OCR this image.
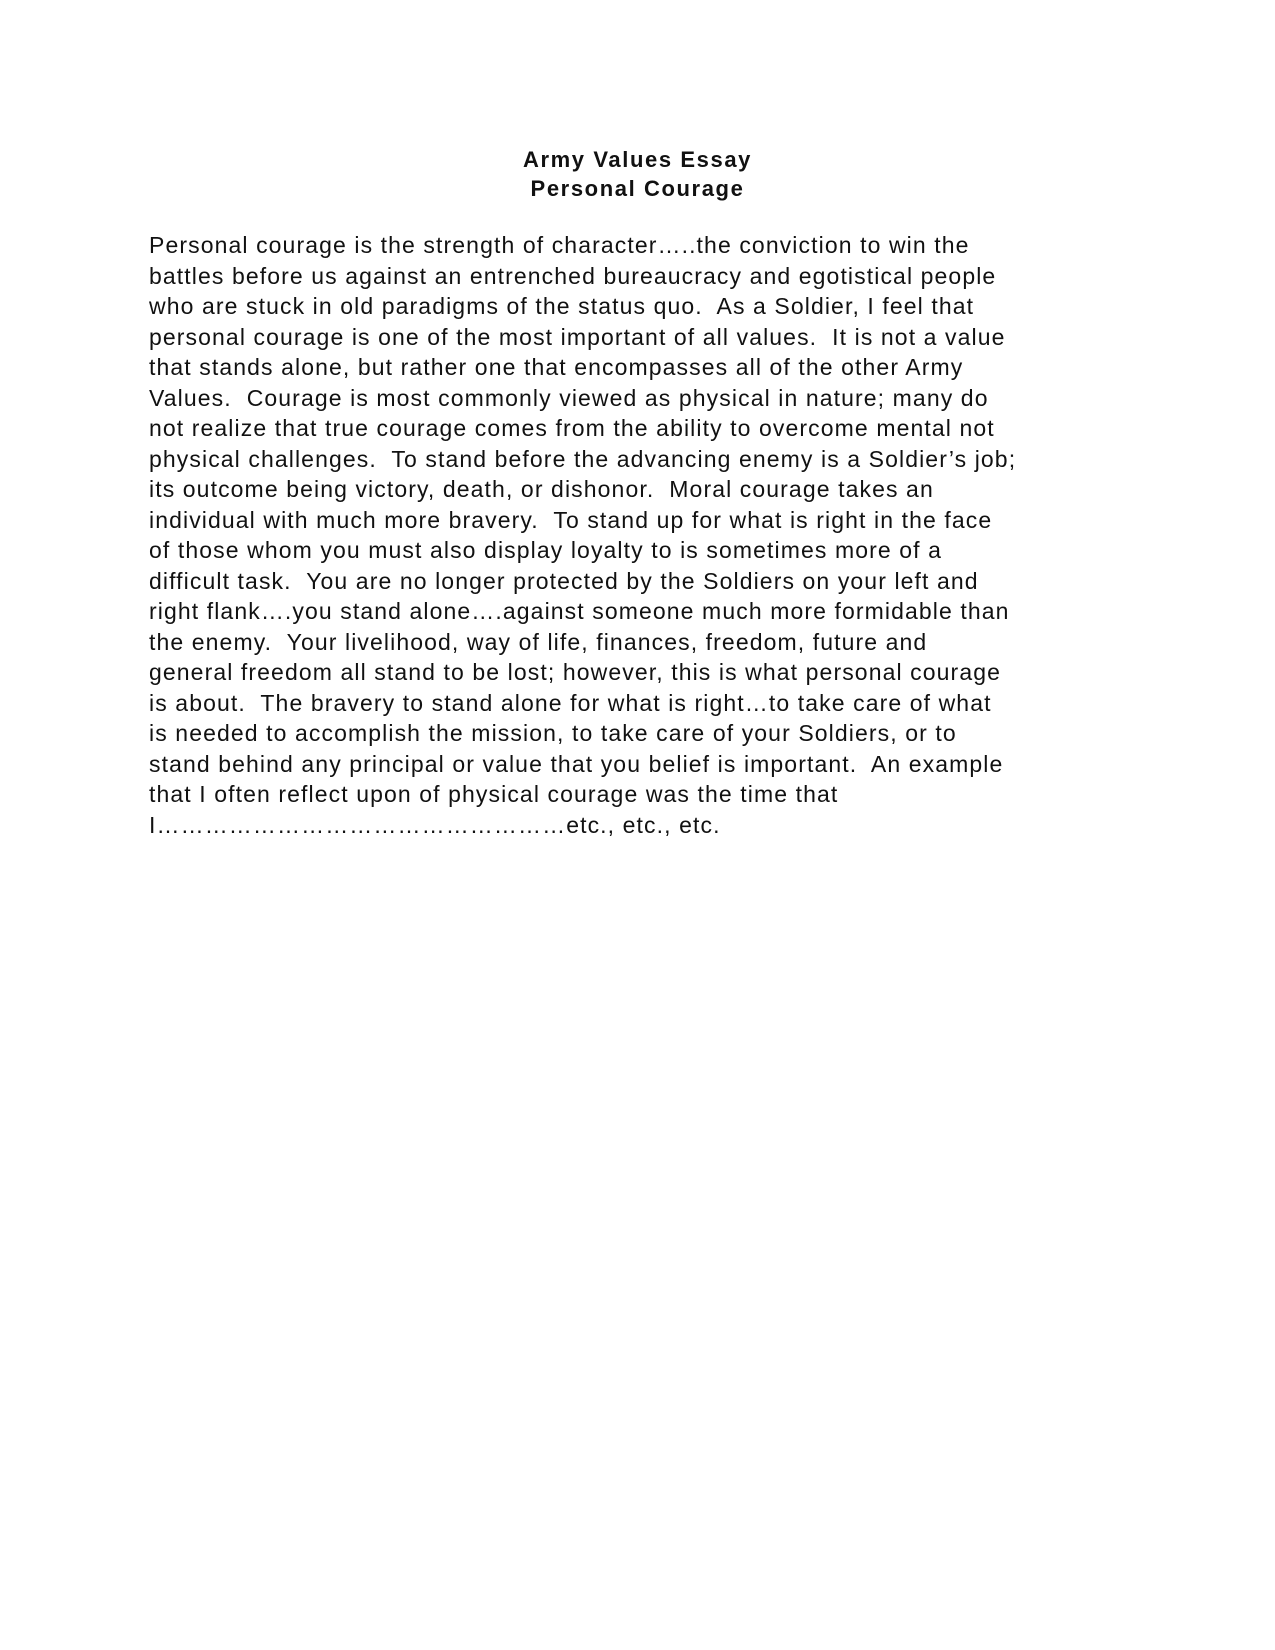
Army Values Essay
Personal Courage
Personal courage is the strength of character…..the conviction to win the
battles before us against an entrenched bureaucracy and egotistical people
who are stuck in old paradigms of the status quo.  As a Soldier, I feel that
personal courage is one of the most important of all values.  It is not a value
that stands alone, but rather one that encompasses all of the other Army
Values.  Courage is most commonly viewed as physical in nature; many do
not realize that true courage comes from the ability to overcome mental not
physical challenges.  To stand before the advancing enemy is a Soldier’s job;
its outcome being victory, death, or dishonor.  Moral courage takes an
individual with much more bravery.  To stand up for what is right in the face
of those whom you must also display loyalty to is sometimes more of a
difficult task.  You are no longer protected by the Soldiers on your left and
right flank….you stand alone….against someone much more formidable than
the enemy.  Your livelihood, way of life, finances, freedom, future and
general freedom all stand to be lost; however, this is what personal courage
is about.  The bravery to stand alone for what is right…to take care of what
is needed to accomplish the mission, to take care of your Soldiers, or to
stand behind any principal or value that you belief is important.  An example
that I often reflect upon of physical courage was the time that
I……………………………………………etc., etc., etc.
